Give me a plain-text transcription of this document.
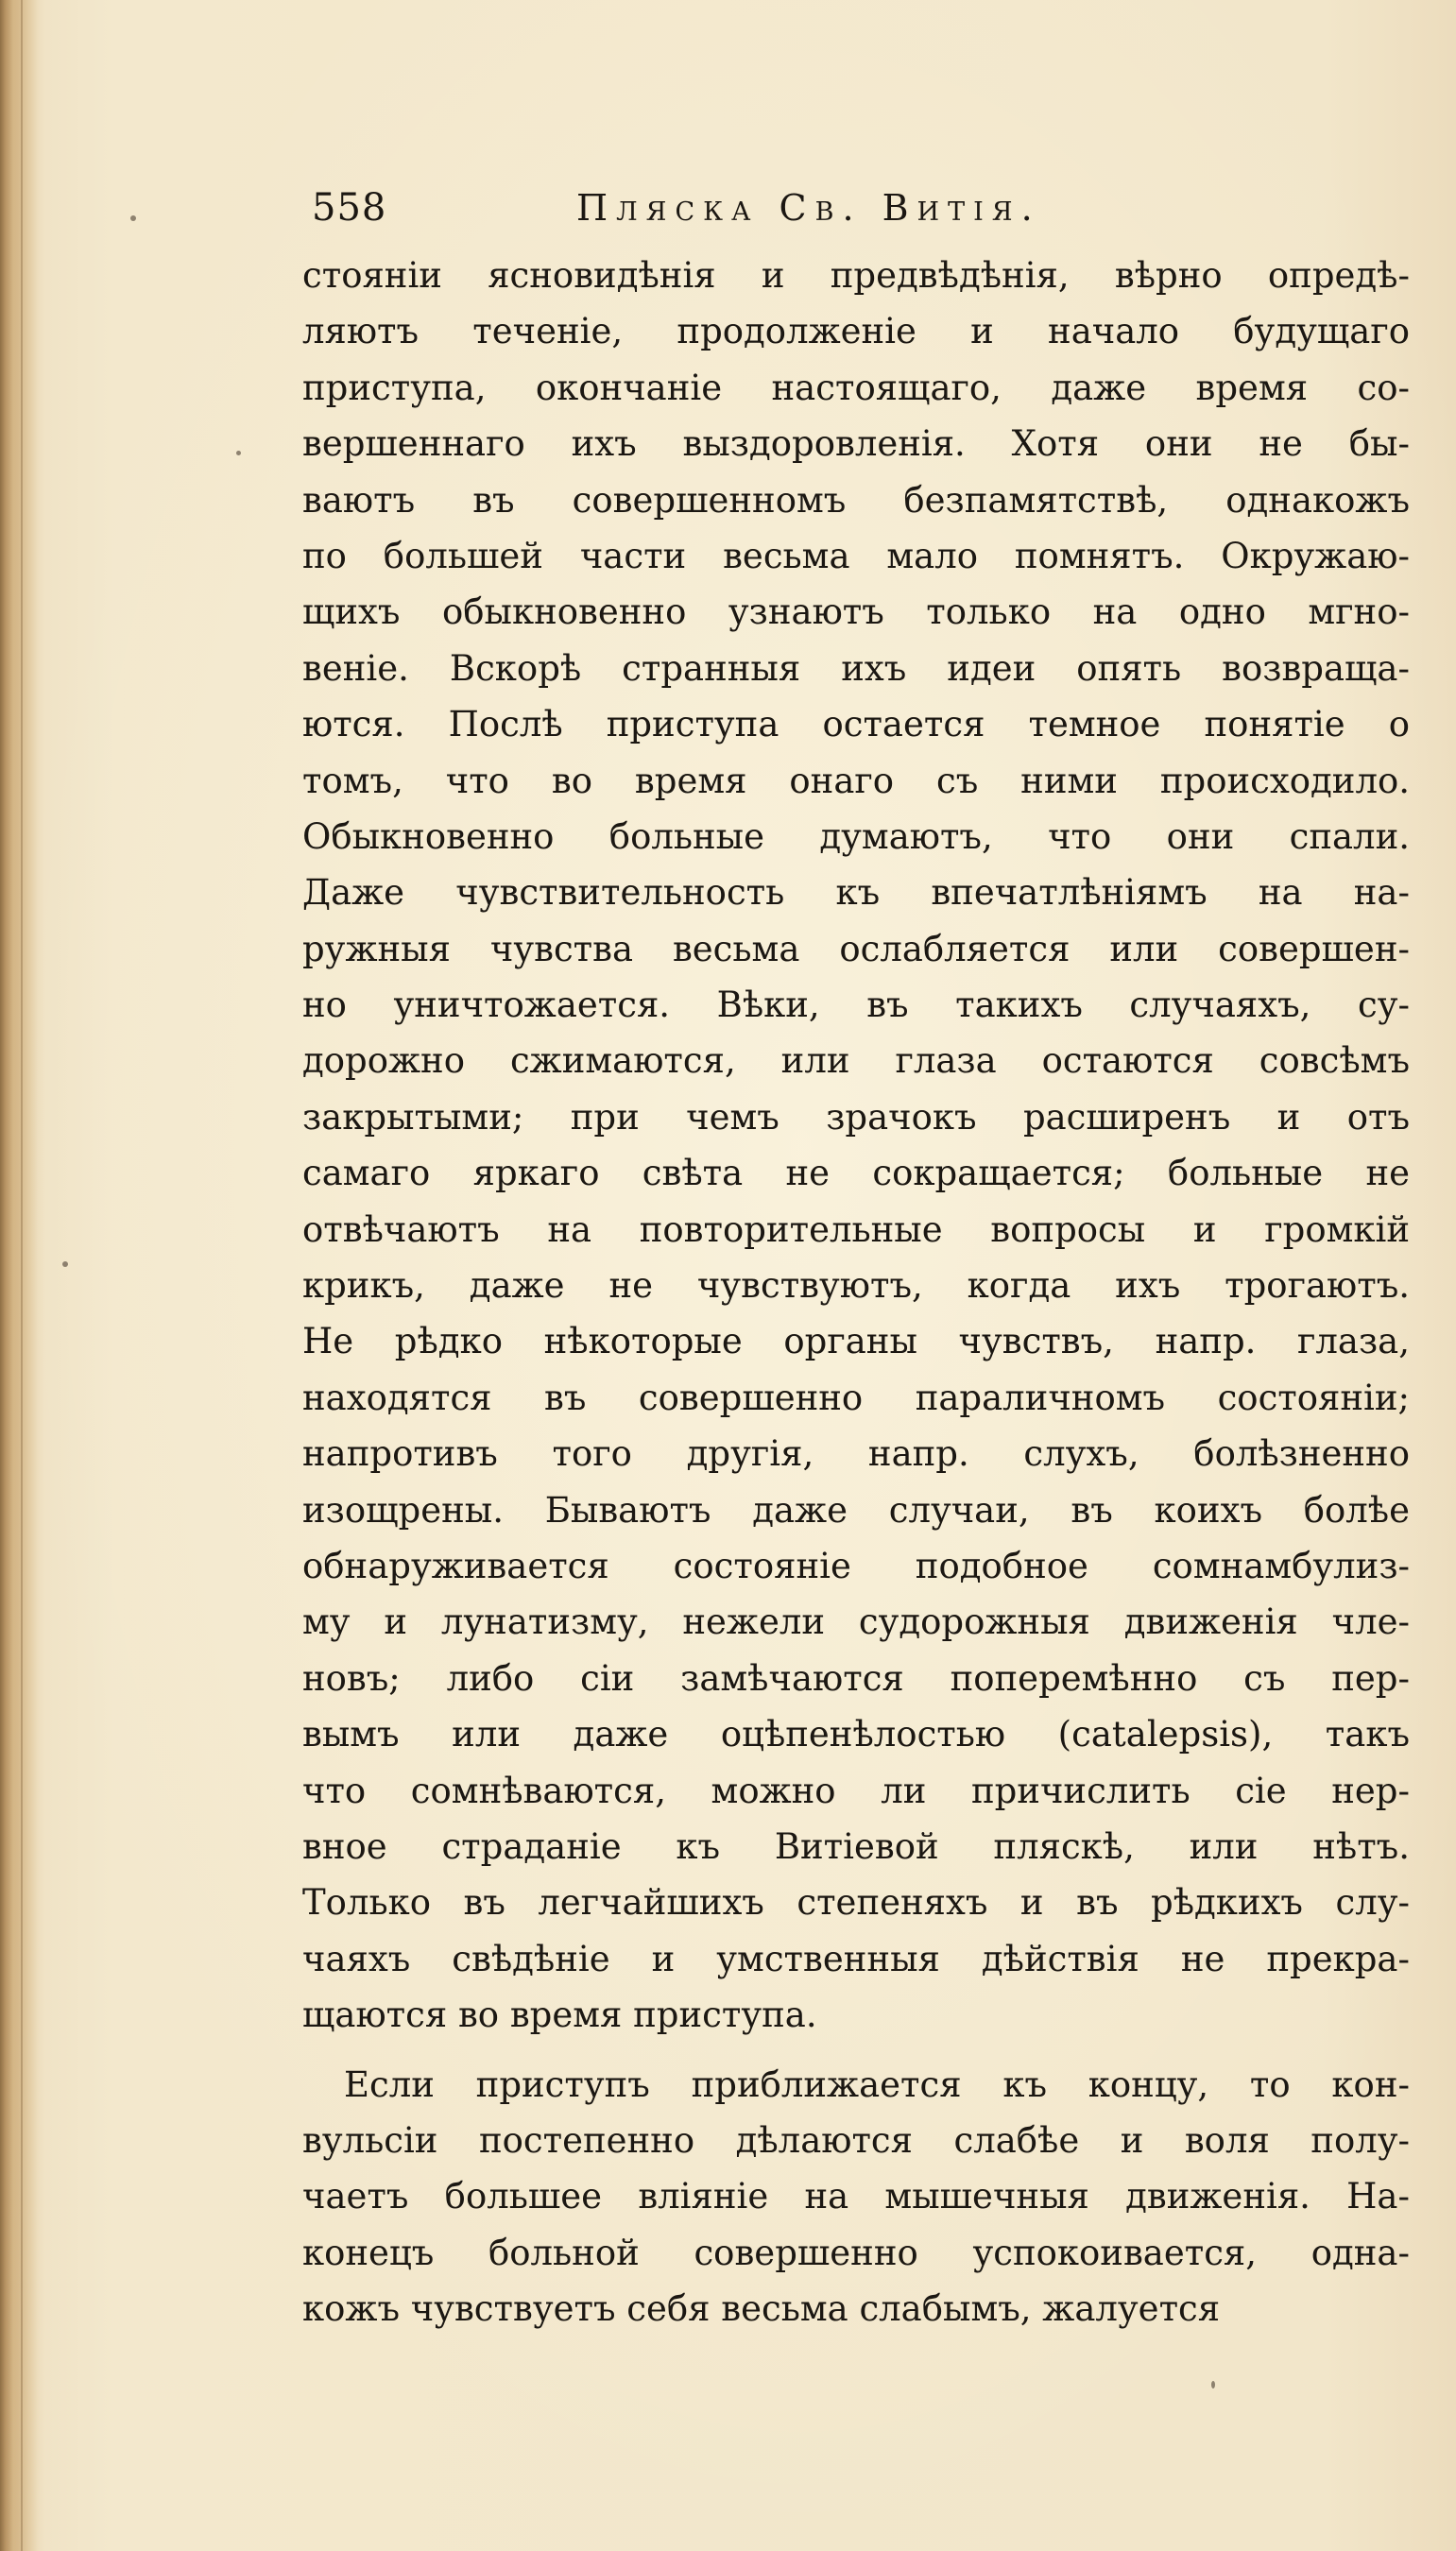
558	Пляска Св. Витія.
стояніи ясновидѣнія и предвѣдѣнія, вѣрно опредѣ-
ляютъ теченіе, продолженіе и начало будущаго
приступа, окончаніе настоящаго, даже время со-
вершеннаго ихъ выздоровленія. Хотя они не бы-
ваютъ въ совершенномъ безпамятствѣ, однакожъ
по большей части весьма мало помнятъ. Окружаю-
щихъ обыкновенно узнаютъ только на одно мгно-
веніе. Вскорѣ странныя ихъ идеи опять возвраща-
ются. Послѣ приступа остается темное понятіе о
томъ, что во время онаго съ ними происходило.
Обыкновенно больные думаютъ, что они спали.
Даже чувствительность къ впечатлѣніямъ на на-
ружныя чувства весьма ослабляется или совершен-
но уничтожается. Вѣки, въ такихъ случаяхъ, су-
дорожно сжимаются, или глаза остаются совсѣмъ
закрытыми; при чемъ зрачокъ расширенъ и отъ
самаго яркаго свѣта не сокращается; больные не
отвѣчаютъ на повторительные вопросы и громкій
крикъ, даже не чувствуютъ, когда ихъ трогаютъ.
Не рѣдко нѣкоторые органы чувствъ, напр. глаза,
находятся въ совершенно параличномъ состояніи;
напротивъ того другія, напр. слухъ, болѣзненно
изощрены. Бываютъ даже случаи, въ коихъ болѣе
обнаруживается состояніе подобное сомнамбулиз-
му и лунатизму, нежели судорожныя движенія чле-
новъ; либо сіи замѣчаются поперемѣнно съ пер-
вымъ или даже оцѣпенѣлостью (catalepsis), такъ
что сомнѣваются, можно ли причислить сіе нер-
вное страданіе къ Витіевой пляскѣ, или нѣтъ.
Только въ легчайшихъ степеняхъ и въ рѣдкихъ слу-
чаяхъ свѣдѣніе и умственныя дѣйствія не прекра-
щаются во время приступа.
Если приступъ приближается къ концу, то кон-
вульсіи постепенно дѣлаются слабѣе и воля полу-
чаетъ большее вліяніе на мышечныя движенія. На-
конецъ больной совершенно успокоивается, одна-
кожъ чувствуетъ себя весьма слабымъ, жалуется
